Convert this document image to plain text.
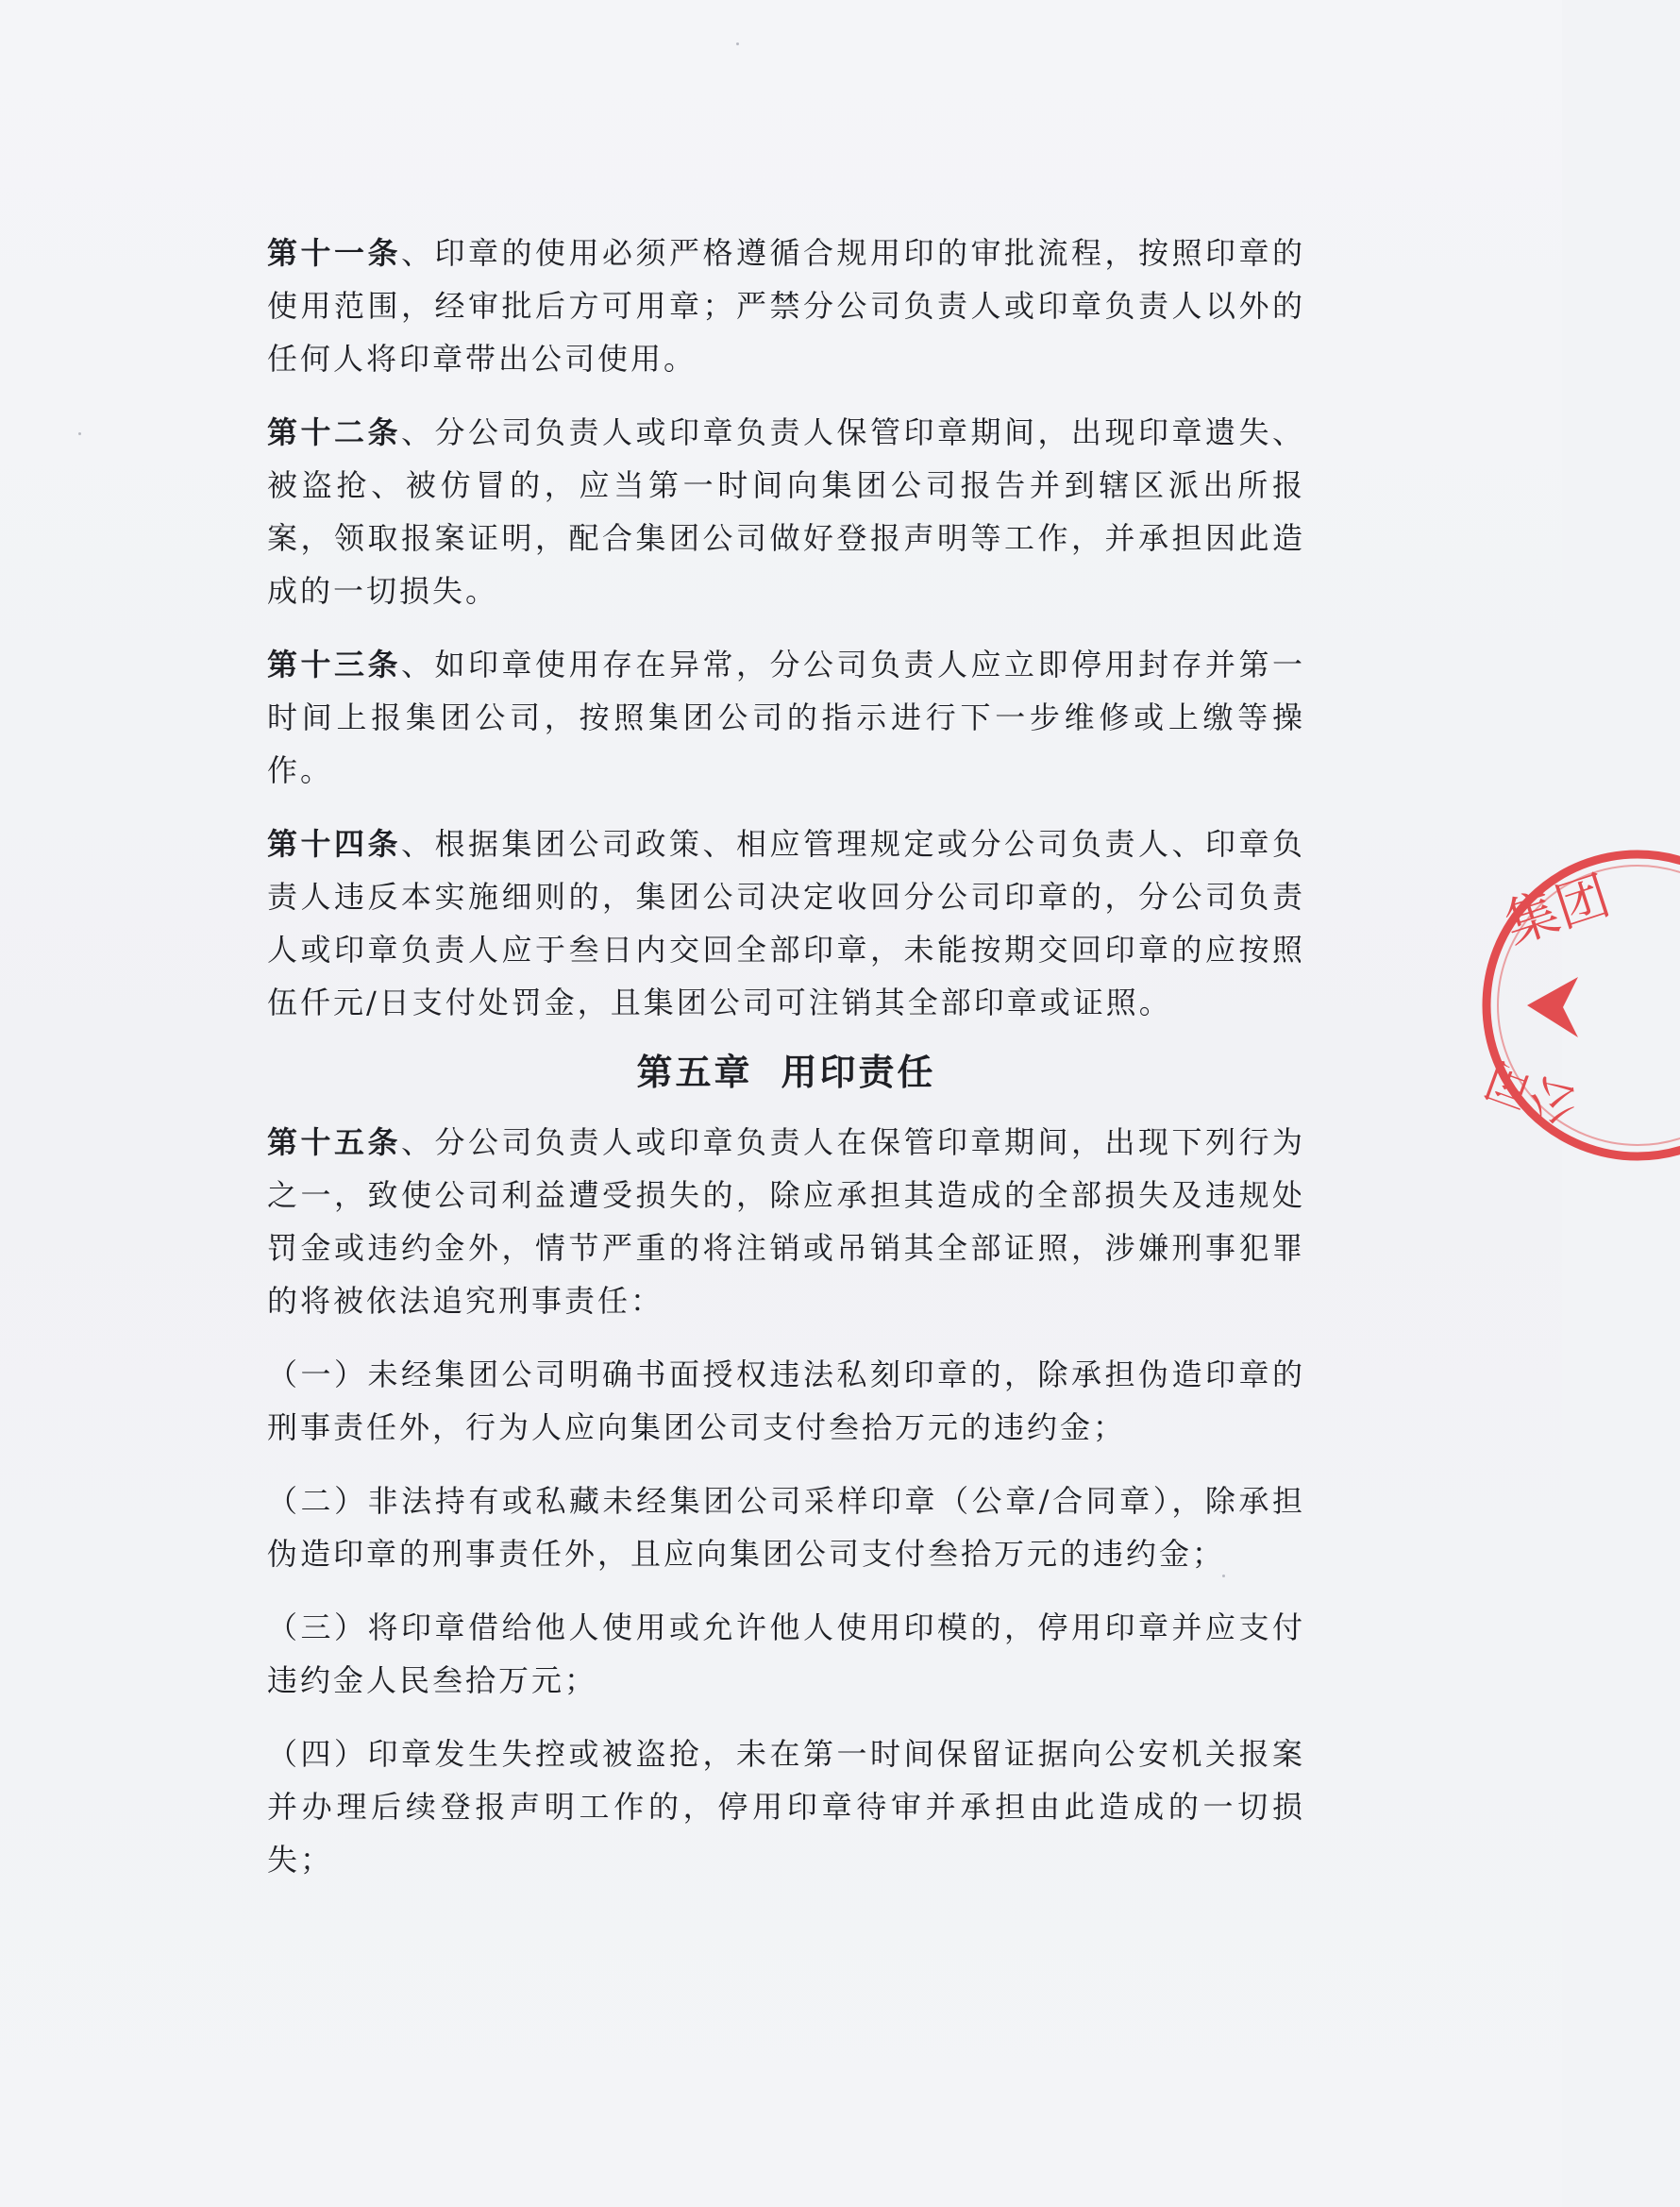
第十一条、印章的使用必须严格遵循合规用印的审批流程，按照印章的使用范围，经审批后方可用章；严禁分公司负责人或印章负责人以外的任何人将印章带出公司使用。

第十二条、分公司负责人或印章负责人保管印章期间，出现印章遗失、被盗抢、被仿冒的，应当第一时间向集团公司报告并到辖区派出所报案，领取报案证明，配合集团公司做好登报声明等工作，并承担因此造成的一切损失。

第十三条、如印章使用存在异常，分公司负责人应立即停用封存并第一时间上报集团公司，按照集团公司的指示进行下一步维修或上缴等操作。

第十四条、根据集团公司政策、相应管理规定或分公司负责人、印章负责人违反本实施细则的，集团公司决定收回分公司印章的，分公司负责人或印章负责人应于叁日内交回全部印章，未能按期交回印章的应按照伍仟元/日支付处罚金，且集团公司可注销其全部印章或证照。

第五章 用印责任

第十五条、分公司负责人或印章负责人在保管印章期间，出现下列行为之一，致使公司利益遭受损失的，除应承担其造成的全部损失及违规处罚金或违约金外，情节严重的将注销或吊销其全部证照，涉嫌刑事犯罪的将被依法追究刑事责任：

（一）未经集团公司明确书面授权违法私刻印章的，除承担伪造印章的刑事责任外，行为人应向集团公司支付叁拾万元的违约金；

（二）非法持有或私藏未经集团公司采样印章（公章/合同章），除承担伪造印章的刑事责任外，且应向集团公司支付叁拾万元的违约金；

（三）将印章借给他人使用或允许他人使用印模的，停用印章并应支付违约金人民叁拾万元；

（四）印章发生失控或被盗抢，未在第一时间保留证据向公安机关报案并办理后续登报声明工作的，停用印章待审并承担由此造成的一切损失；

集团
公司
